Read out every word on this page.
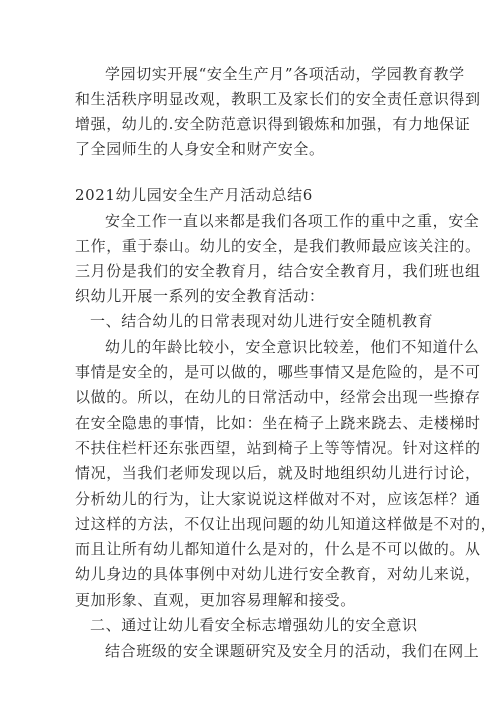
学园切实开展“安全生产月”各项活动，学园教育教学
和生活秩序明显改观，教职工及家长们的安全责任意识得到
增强，幼儿的.安全防范意识得到锻炼和加强，有力地保证
了全园师生的人身安全和财产安全。
2021幼儿园安全生产月活动总结6
安全工作一直以来都是我们各项工作的重中之重，安全
工作，重于泰山。幼儿的安全，是我们教师最应该关注的。
三月份是我们的安全教育月，结合安全教育月，我们班也组
织幼儿开展一系列的安全教育活动：
一、结合幼儿的日常表现对幼儿进行安全随机教育
幼儿的年龄比较小，安全意识比较差，他们不知道什么
事情是安全的，是可以做的，哪些事情又是危险的，是不可
以做的。所以，在幼儿的日常活动中，经常会出现一些撩存
在安全隐患的事情，比如：坐在椅子上跷来跷去、走楼梯时
不扶住栏杆还东张西望，站到椅子上等等情况。针对这样的
情况，当我们老师发现以后，就及时地组织幼儿进行讨论，
分析幼儿的行为，让大家说说这样做对不对，应该怎样？通
过这样的方法，不仅让出现问题的幼儿知道这样做是不对的，
而且让所有幼儿都知道什么是对的，什么是不可以做的。从
幼儿身边的具体事例中对幼儿进行安全教育，对幼儿来说，
更加形象、直观，更加容易理解和接受。
二、通过让幼儿看安全标志增强幼儿的安全意识
结合班级的安全课题研究及安全月的活动，我们在网上
